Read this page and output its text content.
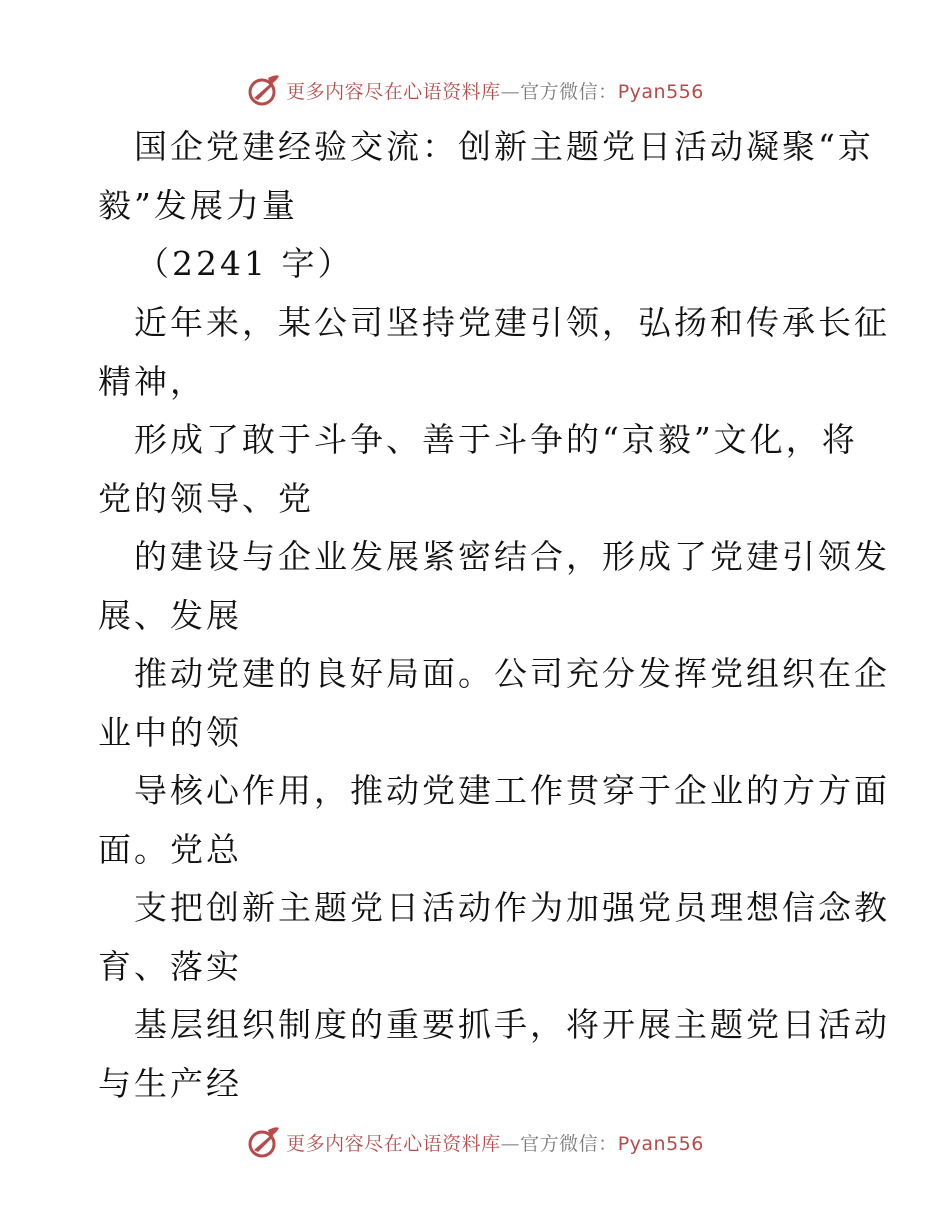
更多内容尽在心语资料库—官方微信：Pyan556
国企党建经验交流：创新主题党日活动凝聚“京
毅”发展力量
（2241 字）
近年来，某公司坚持党建引领，弘扬和传承长征
精神，
形成了敢于斗争、善于斗争的“京毅”文化，将
党的领导、党
的建设与企业发展紧密结合，形成了党建引领发
展、发展
推动党建的良好局面。公司充分发挥党组织在企
业中的领
导核心作用，推动党建工作贯穿于企业的方方面
面。党总
支把创新主题党日活动作为加强党员理想信念教
育、落实
基层组织制度的重要抓手，将开展主题党日活动
与生产经
更多内容尽在心语资料库—官方微信：Pyan556
